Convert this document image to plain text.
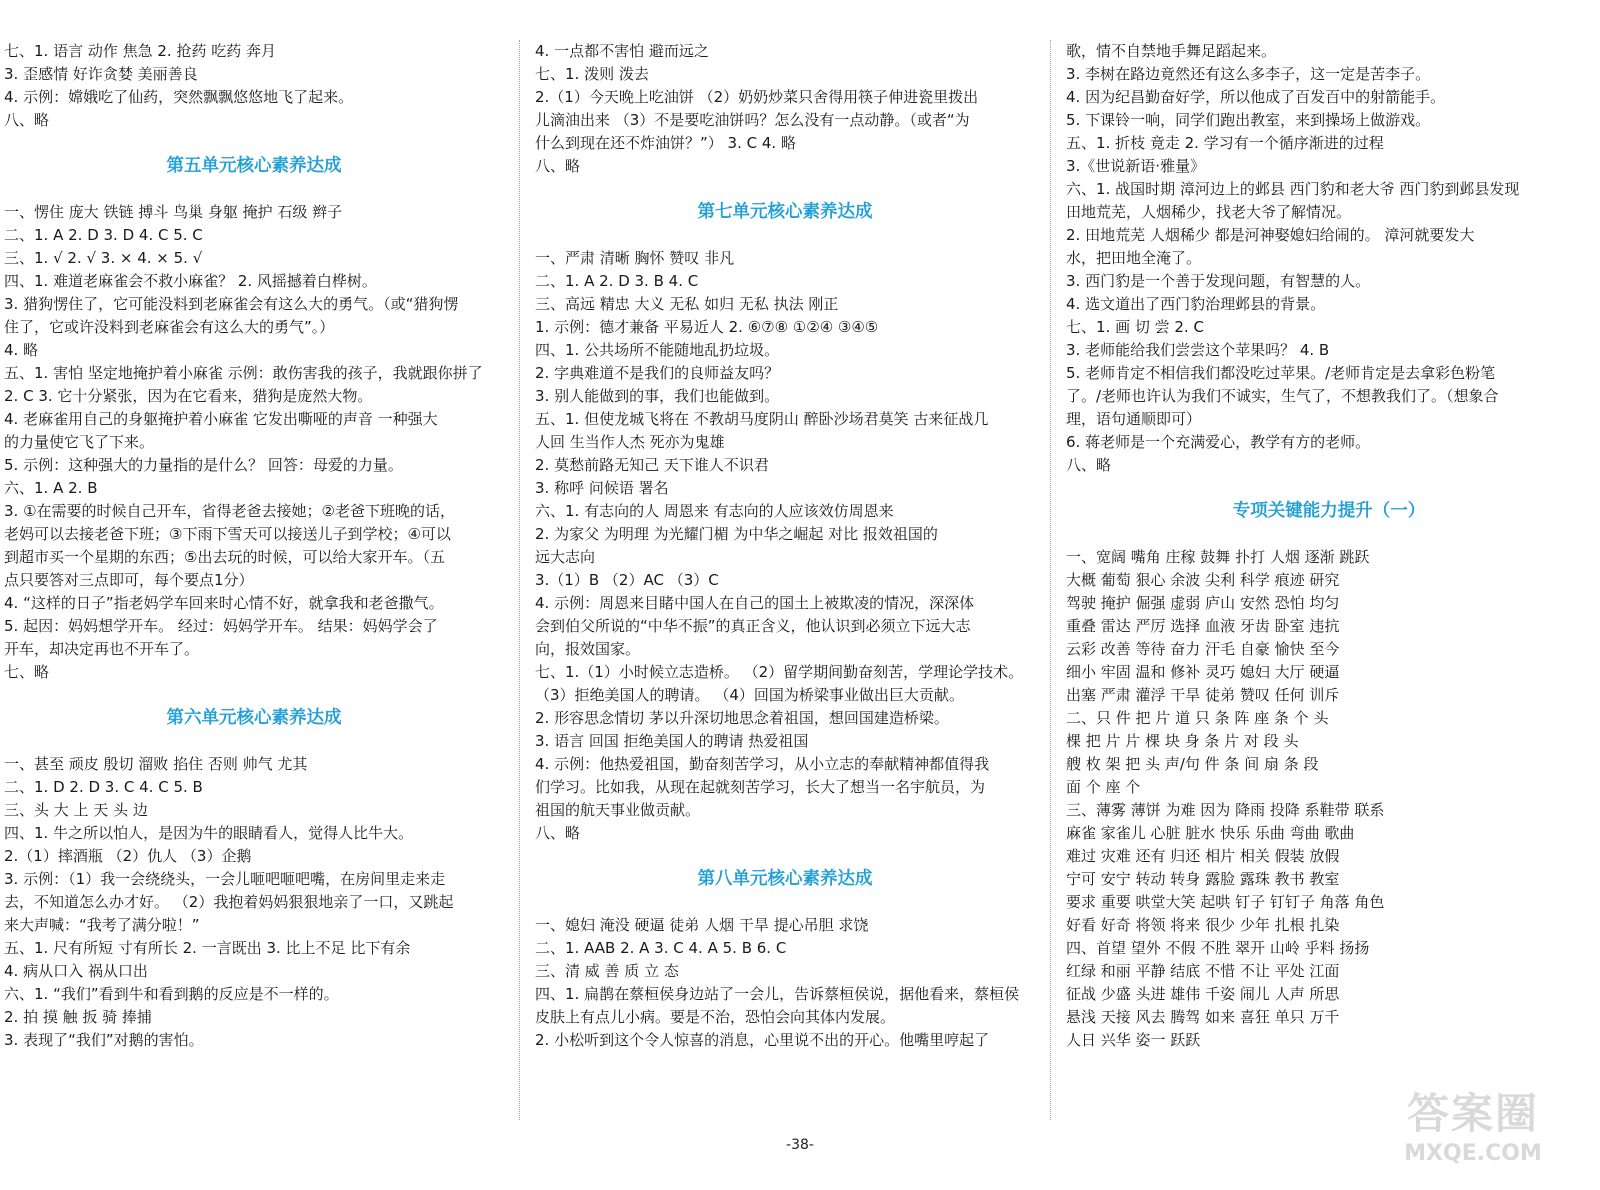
七、1. 语言 动作 焦急 2. 抢药 吃药 奔月
3. 歪感情 好诈贪婪 美丽善良
4. 示例：嫦娥吃了仙药，突然飘飘悠悠地飞了起来。
八、略
第五单元核心素养达成
一、愣住 庞大 铁链 搏斗 鸟巢 身躯 掩护 石级 辫子
二、1. A 2. D 3. D 4. C 5. C
三、1. √ 2. √ 3. × 4. × 5. √
四、1. 难道老麻雀会不救小麻雀？ 2. 风摇撼着白桦树。
3. 猎狗愣住了，它可能没料到老麻雀会有这么大的勇气。（或“猎狗愣
住了，它或许没料到老麻雀会有这么大的勇气”。）
4. 略
五、1. 害怕 坚定地掩护着小麻雀 示例：敢伤害我的孩子，我就跟你拼了
2. C 3. 它十分紧张，因为在它看来，猎狗是庞然大物。
4. 老麻雀用自己的身躯掩护着小麻雀 它发出嘶哑的声音 一种强大
的力量使它飞了下来。
5. 示例：这种强大的力量指的是什么？ 回答：母爱的力量。
六、1. A 2. B
3. ①在需要的时候自己开车，省得老爸去接她；②老爸下班晚的话，
老妈可以去接老爸下班；③下雨下雪天可以接送儿子到学校；④可以
到超市买一个星期的东西；⑤出去玩的时候，可以给大家开车。（五
点只要答对三点即可，每个要点1分）
4. “这样的日子”指老妈学车回来时心情不好，就拿我和老爸撒气。
5. 起因：妈妈想学开车。 经过：妈妈学开车。 结果：妈妈学会了
开车，却决定再也不开车了。
七、略
第六单元核心素养达成
一、甚至 顽皮 殷切 溜败 掐住 否则 帅气 尤其
二、1. D 2. D 3. C 4. C 5. B
三、头 大 上 天 头 边
四、1. 牛之所以怕人，是因为牛的眼睛看人，觉得人比牛大。
2.（1）摔酒瓶 （2）仇人 （3）企鹅
3. 示例：（1）我一会绕绕头，一会儿咂吧咂吧嘴，在房间里走来走
去，不知道怎么办才好。 （2）我抱着妈妈狠狠地亲了一口，又跳起
来大声喊：“我考了满分啦！”
五、1. 尺有所短 寸有所长 2. 一言既出 3. 比上不足 比下有余
4. 病从口入 祸从口出
六、1. “我们”看到牛和看到鹅的反应是不一样的。
2. 拍 摸 触 扳 骑 捧捕
3. 表现了“我们”对鹅的害怕。
4. 一点都不害怕 避而远之
七、1. 泼则 泼去
2.（1）今天晚上吃油饼 （2）奶奶炒菜只舍得用筷子伸进瓷里拨出
儿滴油出来 （3）不是要吃油饼吗？怎么没有一点动静。（或者“为
什么到现在还不炸油饼？”） 3. C 4. 略
八、略
第七单元核心素养达成
一、严肃 清晰 胸怀 赞叹 非凡
二、1. A 2. D 3. B 4. C
三、高远 精忠 大义 无私 如归 无私 执法 刚正
1. 示例：德才兼备 平易近人 2. ⑥⑦⑧ ①②④ ③④⑤
四、1. 公共场所不能随地乱扔垃圾。
2. 字典难道不是我们的良师益友吗？
3. 别人能做到的事，我们也能做到。
五、1. 但使龙城飞将在 不教胡马度阴山 醉卧沙场君莫笑 古来征战几
人回 生当作人杰 死亦为鬼雄
2. 莫愁前路无知己 天下谁人不识君
3. 称呼 问候语 署名
六、1. 有志向的人 周恩来 有志向的人应该效仿周恩来
2. 为家父 为明理 为光耀门楣 为中华之崛起 对比 报效祖国的
远大志向
3.（1）B （2）AC （3）C
4. 示例：周恩来目睹中国人在自己的国土上被欺凌的情况，深深体
会到伯父所说的“中华不振”的真正含义，他认识到必须立下远大志
向，报效国家。
七、1.（1）小时候立志造桥。 （2）留学期间勤奋刻苦，学理论学技术。
（3）拒绝美国人的聘请。 （4）回国为桥梁事业做出巨大贡献。
2. 形容思念情切 茅以升深切地思念着祖国，想回国建造桥梁。
3. 语言 回国 拒绝美国人的聘请 热爱祖国
4. 示例：他热爱祖国，勤奋刻苦学习，从小立志的奉献精神都值得我
们学习。比如我，从现在起就刻苦学习，长大了想当一名宇航员，为
祖国的航天事业做贡献。
八、略
第八单元核心素养达成
一、媳妇 淹没 硬逼 徒弟 人烟 干旱 提心吊胆 求饶
二、1. AAB 2. A 3. C 4. A 5. B 6. C
三、清 威 善 质 立 态
四、1. 扁鹊在蔡桓侯身边站了一会儿，告诉蔡桓侯说，据他看来，蔡桓侯
皮肤上有点儿小病。要是不治，恐怕会向其体内发展。
2. 小松听到这个令人惊喜的消息，心里说不出的开心。他嘴里哼起了
歌，情不自禁地手舞足蹈起来。
3. 李树在路边竟然还有这么多李子，这一定是苦李子。
4. 因为纪昌勤奋好学，所以他成了百发百中的射箭能手。
5. 下课铃一响，同学们跑出教室，来到操场上做游戏。
五、1. 折枝 竟走 2. 学习有一个循序渐进的过程
3.《世说新语·雅量》
六、1. 战国时期 漳河边上的邺县 西门豹和老大爷 西门豹到邺县发现
田地荒芜，人烟稀少，找老大爷了解情况。
2. 田地荒芜 人烟稀少 都是河神娶媳妇给闹的。 漳河就要发大
水，把田地全淹了。
3. 西门豹是一个善于发现问题，有智慧的人。
4. 选文道出了西门豹治理邺县的背景。
七、1. 画 切 尝 2. C
3. 老师能给我们尝尝这个苹果吗？ 4. B
5. 老师肯定不相信我们都没吃过苹果。/老师肯定是去拿彩色粉笔
了。/老师也许认为我们不诚实，生气了，不想教我们了。（想象合
理，语句通顺即可）
6. 蒋老师是一个充满爱心，教学有方的老师。
八、略
专项关键能力提升（一）
一、宽阔 嘴角 庄稼 鼓舞 扑打 人烟 逐渐 跳跃
大概 葡萄 狠心 余波 尖利 科学 痕迹 研究
驾驶 掩护 倔强 虚弱 庐山 安然 恐怕 均匀
重叠 雷达 严厉 选择 血液 牙齿 卧室 违抗
云彩 改善 等待 奋力 汗毛 自豪 愉快 至今
细小 牢固 温和 修补 灵巧 媳妇 大厅 硬逼
出塞 严肃 灌浮 干旱 徒弟 赞叹 任何 训斥
二、只 件 把 片 道 只 条 阵 座 条 个 头
棵 把 片 片 棵 块 身 条 片 对 段 头
艘 枚 架 把 头 声/句 件 条 间 扇 条 段
面 个 座 个
三、薄雾 薄饼 为难 因为 降雨 投降 系鞋带 联系
麻雀 家雀儿 心脏 脏水 快乐 乐曲 弯曲 歌曲
难过 灾难 还有 归还 相片 相关 假装 放假
宁可 安宁 转动 转身 露脸 露珠 教书 教室
要求 重要 哄堂大笑 起哄 钉子 钉钉子 角落 角色
好看 好奇 将领 将来 很少 少年 扎根 扎染
四、首望 望外 不假 不胜 翠开 山岭 乎料 扬扬
红绿 和丽 平静 结底 不惜 不让 平处 江面
征战 少盛 头进 雄伟 千姿 闹儿 人声 所思
悬浅 天接 风去 腾驾 如来 喜狂 单只 万千
人日 兴华 姿一 跃跃
-38-
答案圈
MXQE.COM
